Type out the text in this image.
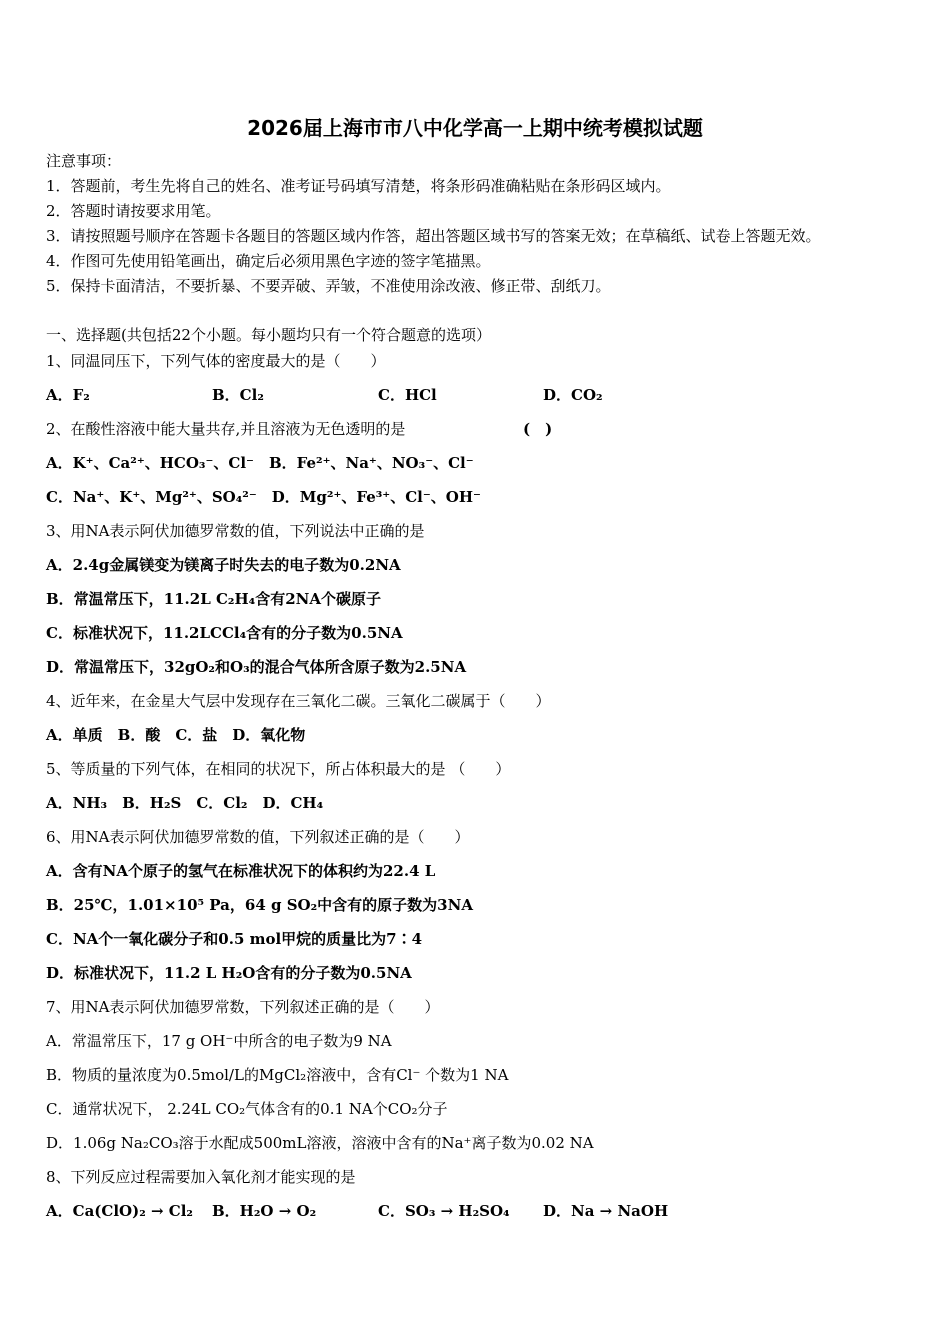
2026届上海市市八中化学高一上期中统考模拟试题
注意事项：
1．答题前，考生先将自己的姓名、准考证号码填写清楚，将条形码准确粘贴在条形码区域内。
2．答题时请按要求用笔。
3．请按照题号顺序在答题卡各题目的答题区域内作答，超出答题区域书写的答案无效；在草稿纸、试卷上答题无效。
4．作图可先使用铅笔画出，确定后必须用黑色字迹的签字笔描黑。
5．保持卡面清洁，不要折暴、不要弄破、弄皱，不准使用涂改液、修正带、刮纸刀。
一、选择题(共包括22个小题。每小题均只有一个符合题意的选项）
1、同温同压下，下列气体的密度最大的是（　　）
A．F₂	B．Cl₂	C．HCl	D．CO₂
2、在酸性溶液中能大量共存,并且溶液为无色透明的是	(　)
A．K⁺、Ca²⁺、HCO₃⁻、Cl⁻　B．Fe²⁺、Na⁺、NO₃⁻、Cl⁻
C．Na⁺、K⁺、Mg²⁺、SO₄²⁻　D．Mg²⁺、Fe³⁺、Cl⁻、OH⁻
3、用NA表示阿伏加德罗常数的值，下列说法中正确的是
A．2.4g金属镁变为镁离子时失去的电子数为0.2NA
B．常温常压下，11.2L C₂H₄含有2NA个碳原子
C．标准状况下，11.2LCCl₄含有的分子数为0.5NA
D．常温常压下，32gO₂和O₃的混合气体所含原子数为2.5NA
4、近年来，在金星大气层中发现存在三氧化二碳。三氧化二碳属于（　　）
A．单质　B．酸　C．盐　D．氧化物
5、等质量的下列气体，在相同的状况下，所占体积最大的是 （　　）
A．NH₃　B．H₂S　C．Cl₂　D．CH₄
6、用NA表示阿伏加德罗常数的值，下列叙述正确的是（　　）
A．含有NA个原子的氢气在标准状况下的体积约为22.4 L
B．25℃，1.01×10⁵ Pa，64 g SO₂中含有的原子数为3NA
C．NA个一氧化碳分子和0.5 mol甲烷的质量比为7∶4
D．标准状况下，11.2 L H₂O含有的分子数为0.5NA
7、用NA表示阿伏加德罗常数，下列叙述正确的是（　　）
A．常温常压下，17 g OH⁻中所含的电子数为9 NA
B．物质的量浓度为0.5mol/L的MgCl₂溶液中，含有Cl⁻ 个数为1 NA
C．通常状况下， 2.24L CO₂气体含有的0.1 NA个CO₂分子
D．1.06g Na₂CO₃溶于水配成500mL溶液，溶液中含有的Na⁺离子数为0.02 NA
8、下列反应过程需要加入氧化剂才能实现的是
A．Ca(ClO)₂ → Cl₂ B．H₂O → O₂	C．SO₃ → H₂SO₄ D．Na → NaOH
